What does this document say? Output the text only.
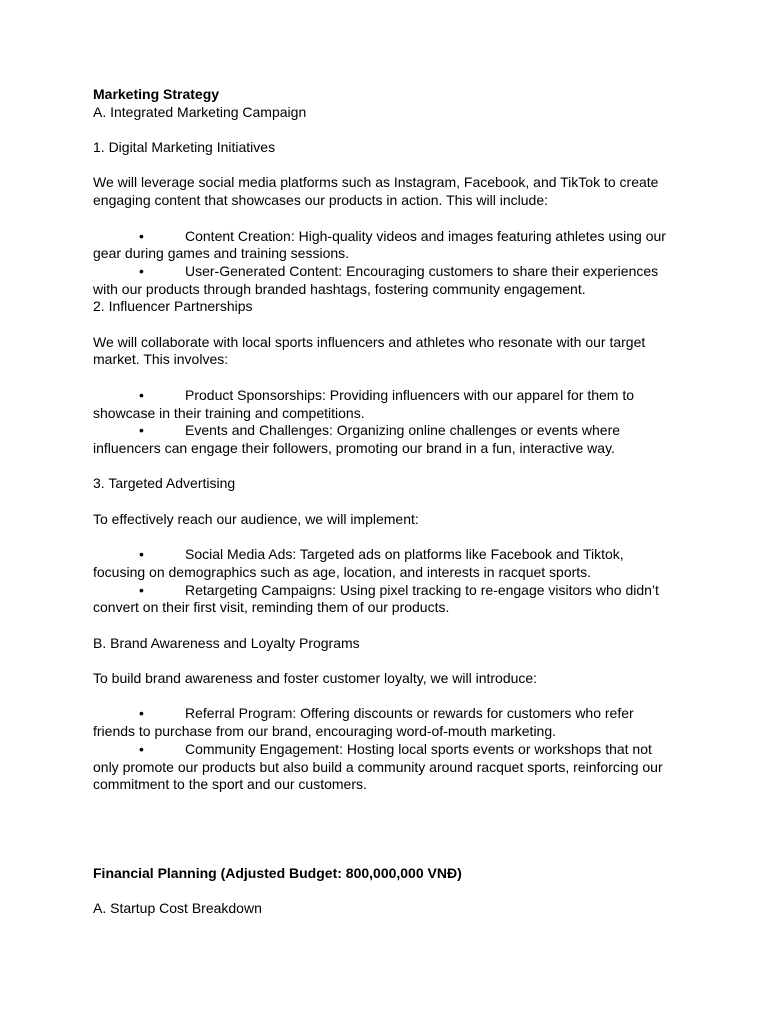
Marketing Strategy

A. Integrated Marketing Campaign

1. Digital Marketing Initiatives

We will leverage social media platforms such as Instagram, Facebook, and TikTok to create

engaging content that showcases our products in action. This will include:

•	Content Creation: High-quality videos and images featuring athletes using our

gear during games and training sessions.

•	User-Generated Content: Encouraging customers to share their experiences

with our products through branded hashtags, fostering community engagement.

2. Influencer Partnerships

We will collaborate with local sports influencers and athletes who resonate with our target

market. This involves:

•	Product Sponsorships: Providing influencers with our apparel for them to

showcase in their training and competitions.

•	Events and Challenges: Organizing online challenges or events where

influencers can engage their followers, promoting our brand in a fun, interactive way.

3. Targeted Advertising

To effectively reach our audience, we will implement:

•	Social Media Ads: Targeted ads on platforms like Facebook and Tiktok,

focusing on demographics such as age, location, and interests in racquet sports.

•	Retargeting Campaigns: Using pixel tracking to re-engage visitors who didn’t

convert on their first visit, reminding them of our products.

B. Brand Awareness and Loyalty Programs

To build brand awareness and foster customer loyalty, we will introduce:

•	Referral Program: Offering discounts or rewards for customers who refer

friends to purchase from our brand, encouraging word-of-mouth marketing.

•	Community Engagement: Hosting local sports events or workshops that not

only promote our products but also build a community around racquet sports, reinforcing our

commitment to the sport and our customers.

Financial Planning (Adjusted Budget: 800,000,000 VNĐ)

A. Startup Cost Breakdown
